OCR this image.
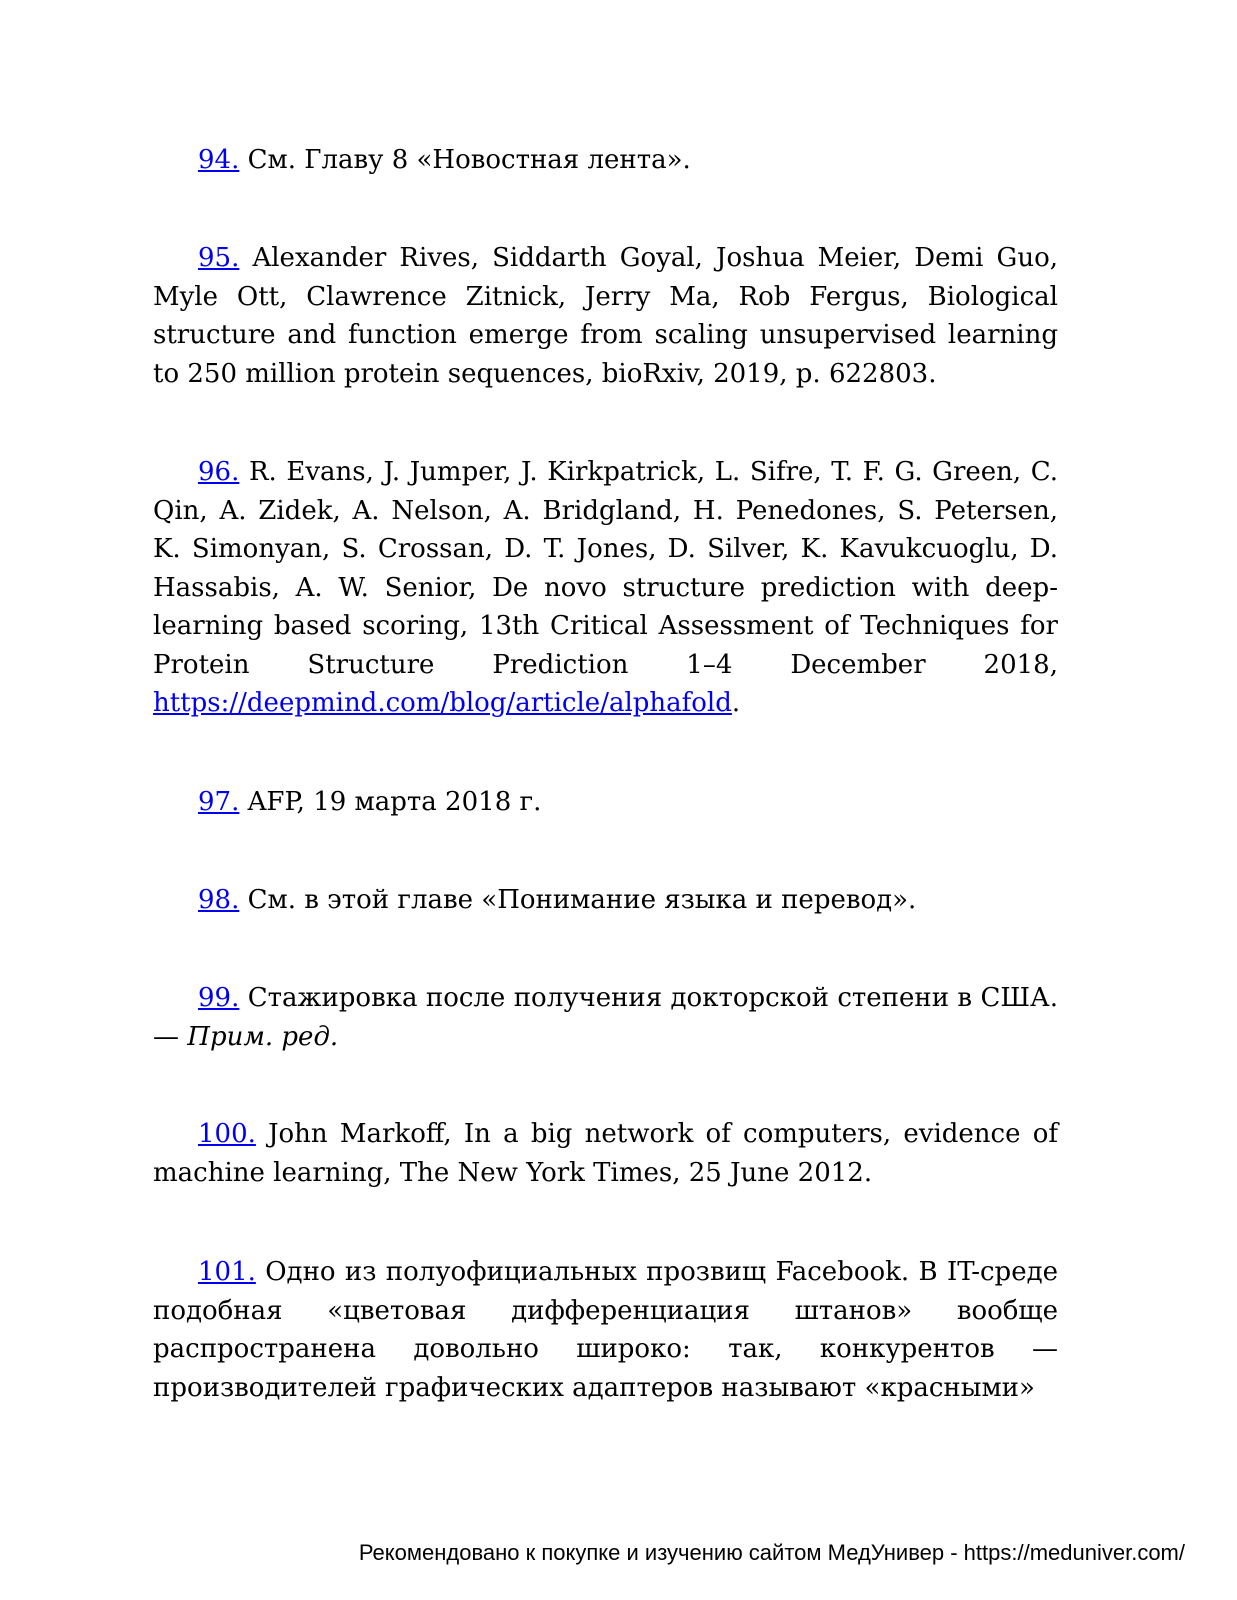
94. См. Главу 8 «Новостная лента».

95. Alexander Rives, Siddarth Goyal, Joshua Meier, Demi Guo, Myle Ott, Clawrence Zitnick, Jerry Ma, Rob Fergus, Biological structure and function emerge from scaling unsupervised learning to 250 million protein sequences, bioRxiv, 2019, p. 622803.

96. R. Evans, J. Jumper, J. Kirkpatrick, L. Sifre, T. F. G. Green, C. Qin, A. Zidek, A. Nelson, A. Bridgland, H. Penedones, S. Petersen, K. Simonyan, S. Crossan, D. T. Jones, D. Silver, K. Kavukcuoglu, D. Hassabis, A. W. Senior, De novo structure prediction with deep-learning based scoring, 13th Critical Assessment of Techniques for Protein Structure Prediction 1–4 December 2018, https://deepmind.com/blog/article/alphafold.

97. AFP, 19 марта 2018 г.

98. См. в этой главе «Понимание языка и перевод».

99. Стажировка после получения докторской степени в США. — Прим. ред.

100. John Markoff, In a big network of computers, evidence of machine learning, The New York Times, 25 June 2012.

101. Одно из полуофициальных прозвищ Facebook. В IT-среде подобная «цветовая дифференциация штанов» вообще распространена довольно широко: так, конкурентов — производителей графических адаптеров называют «красными»

Рекомендовано к покупке и изучению сайтом МедУнивер - https://meduniver.com/
